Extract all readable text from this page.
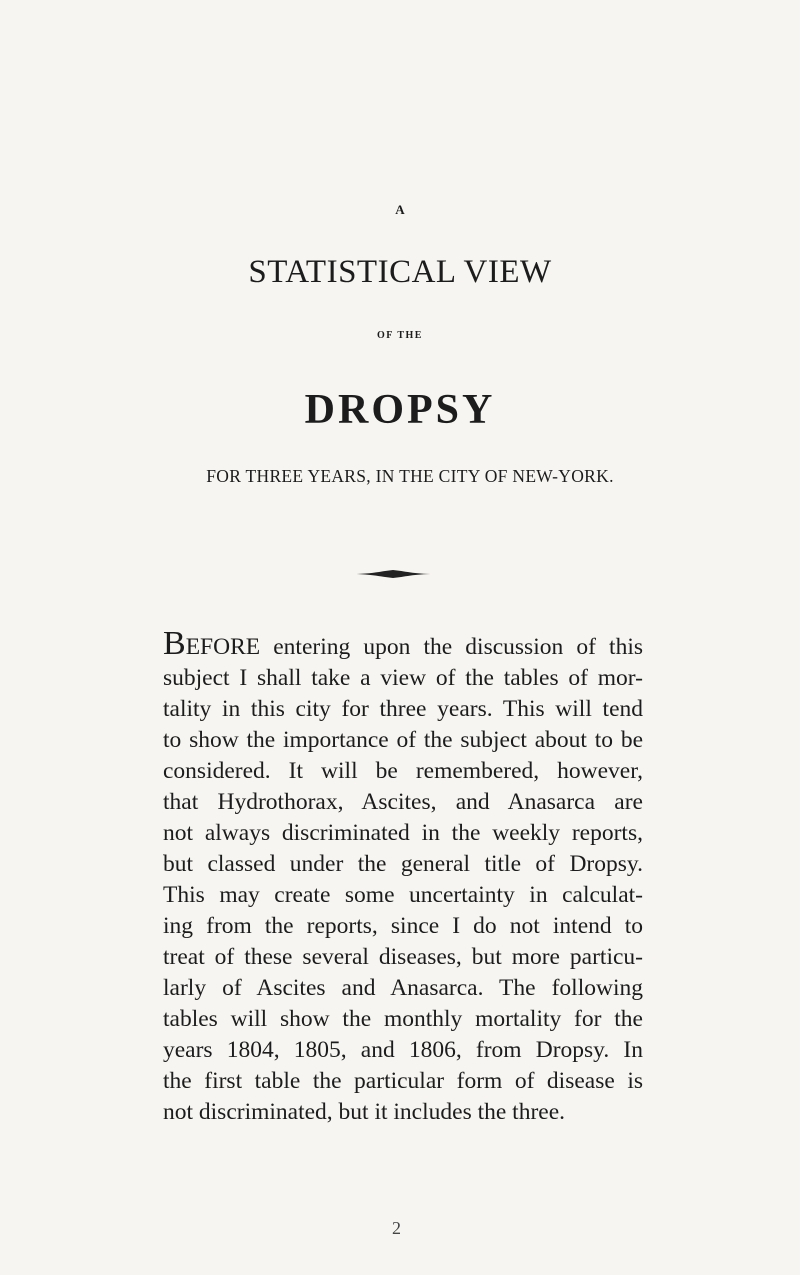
A
STATISTICAL VIEW
OF THE
DROPSY
FOR THREE YEARS, IN THE CITY OF NEW-YORK.
BEFORE entering upon the discussion of this
subject I shall take a view of the tables of mor-
tality in this city for three years. This will tend
to show the importance of the subject about to be
considered. It will be remembered, however,
that Hydrothorax, Ascites, and Anasarca are
not always discriminated in the weekly reports,
but classed under the general title of Dropsy.
This may create some uncertainty in calculat-
ing from the reports, since I do not intend to
treat of these several diseases, but more particu-
larly of Ascites and Anasarca. The following
tables will show the monthly mortality for the
years 1804, 1805, and 1806, from Dropsy. In
the first table the particular form of disease is
not discriminated, but it includes the three.
2
